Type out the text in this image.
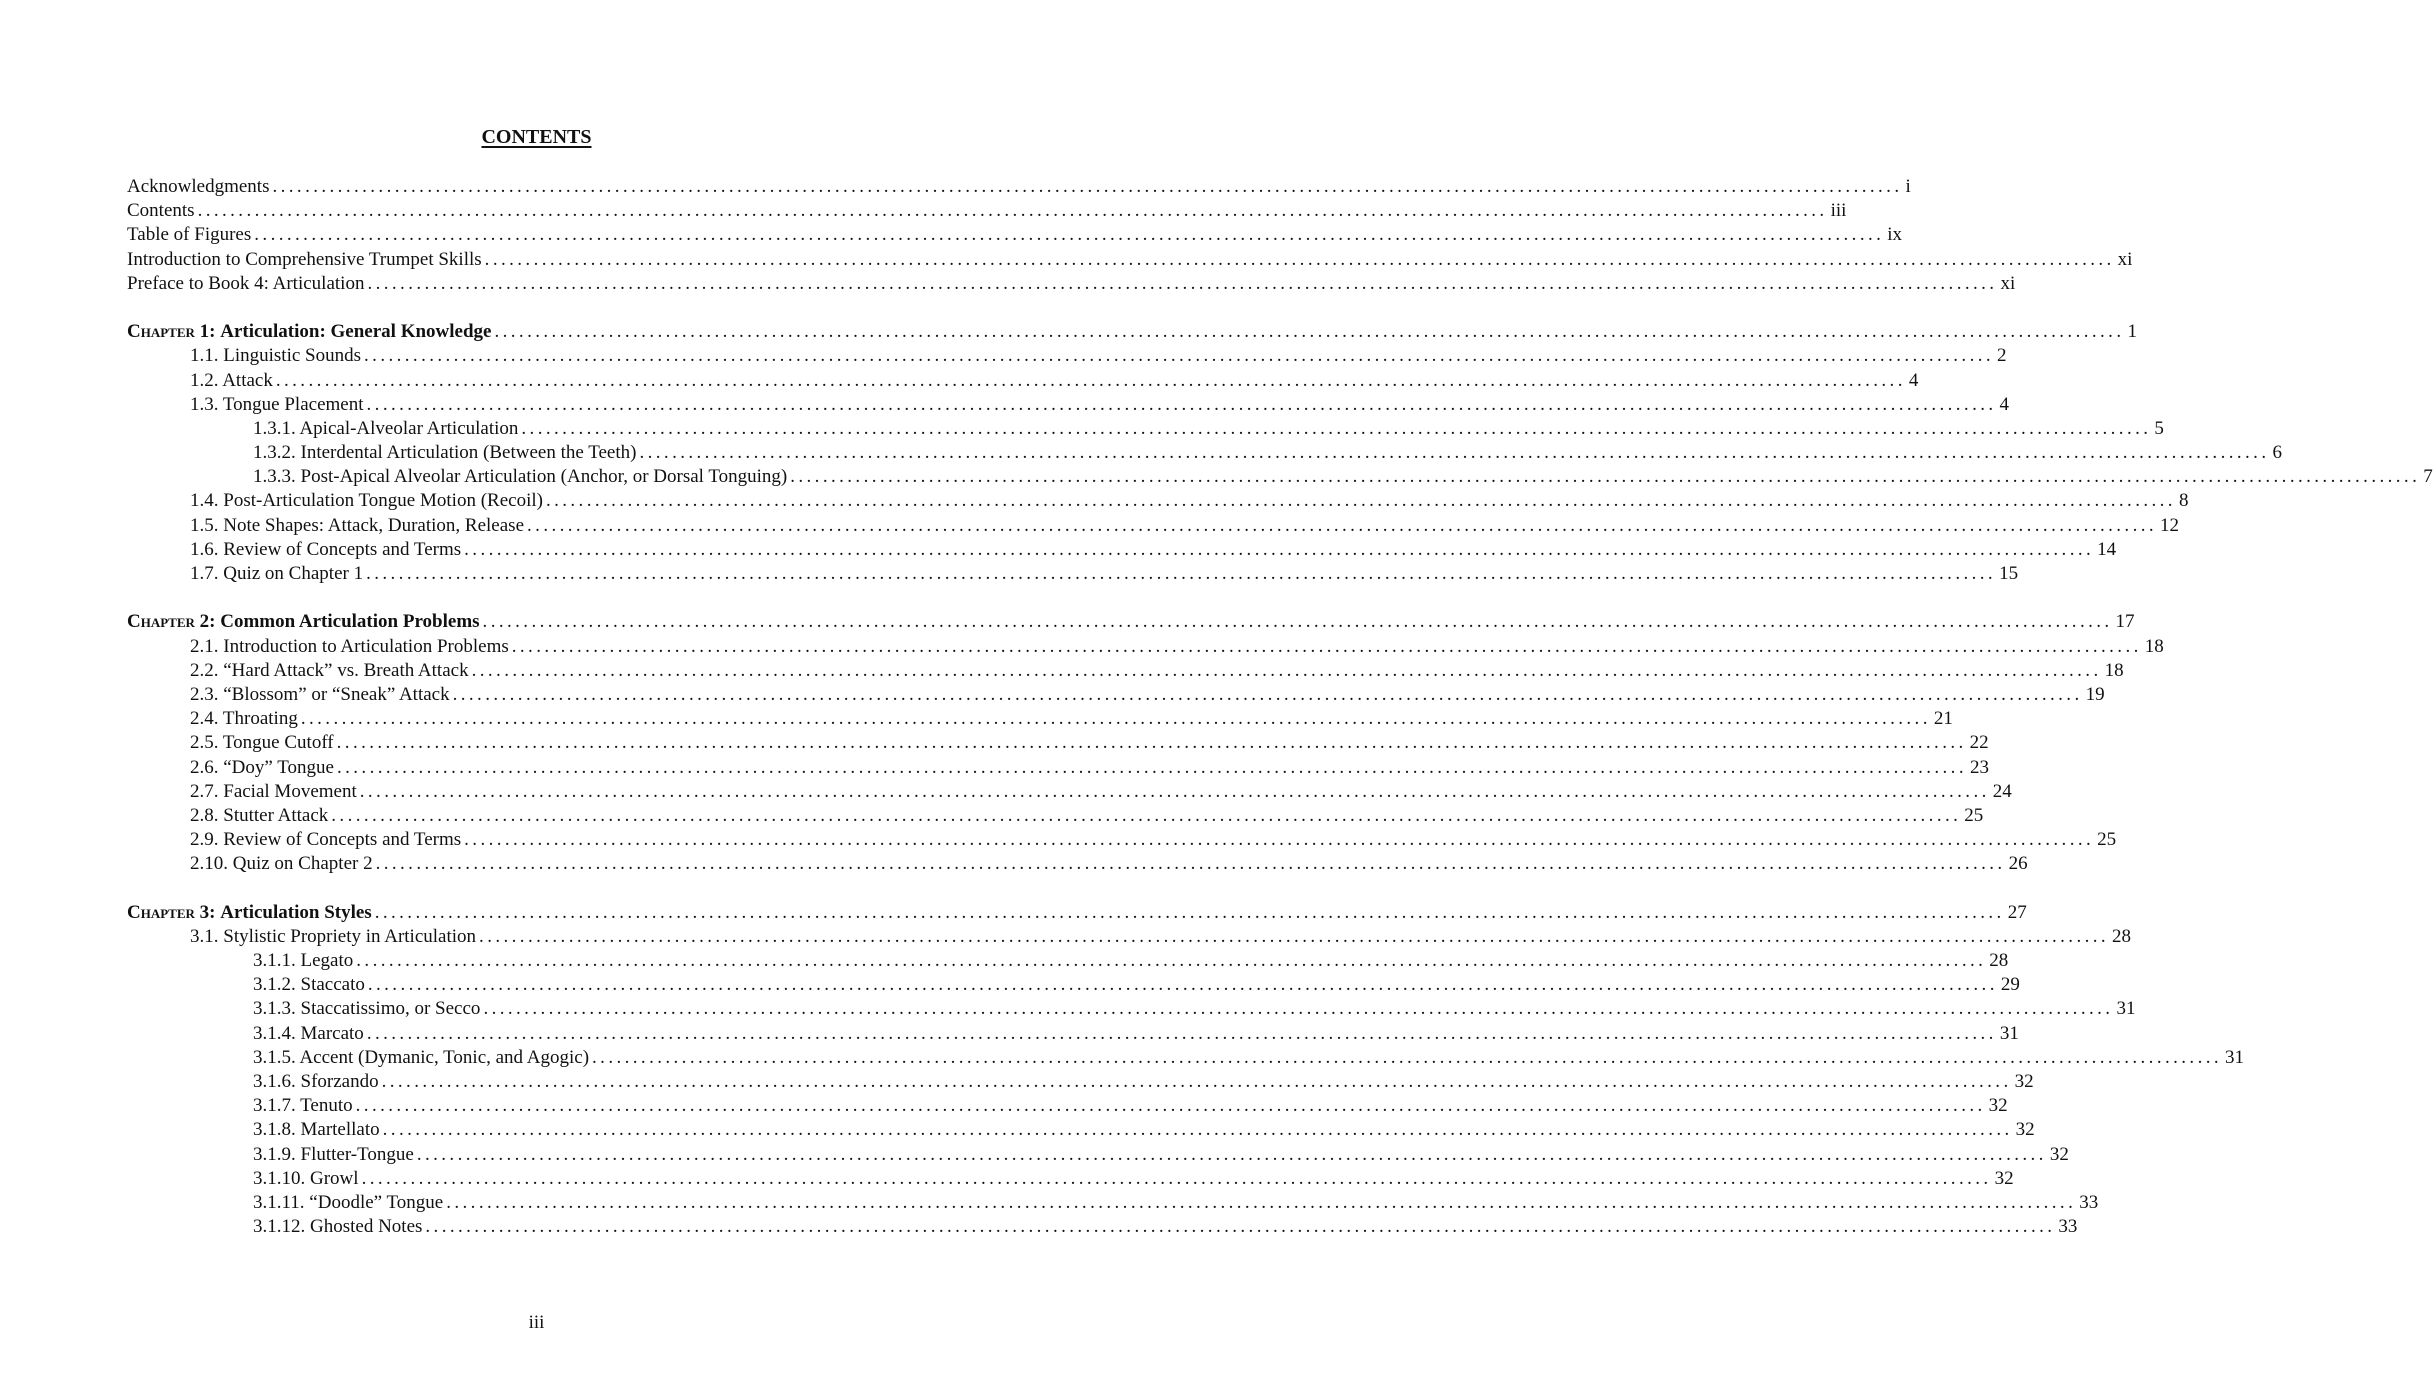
CONTENTS
Acknowledgments ........................................................................................................................................................................................................ i
Contents ........................................................................................................................................................................................................ iii
Table of Figures ........................................................................................................................................................................................................ ix
Introduction to Comprehensive Trumpet Skills ........................................................................................................................................................................................................ xi
Preface to Book 4: Articulation ........................................................................................................................................................................................................ xi
Chapter 1: Articulation: General Knowledge ........................................................................................................................................................................................................ 1
1.1. Linguistic Sounds ........................................................................................................................................................................................................ 2
1.2. Attack ........................................................................................................................................................................................................ 4
1.3. Tongue Placement ........................................................................................................................................................................................................ 4
1.3.1. Apical-Alveolar Articulation ........................................................................................................................................................................................................ 5
1.3.2. Interdental Articulation (Between the Teeth) ........................................................................................................................................................................................................ 6
1.3.3. Post-Apical Alveolar Articulation (Anchor, or Dorsal Tonguing) ........................................................................................................................................................................................................ 7
1.4. Post-Articulation Tongue Motion (Recoil) ........................................................................................................................................................................................................ 8
1.5. Note Shapes: Attack, Duration, Release ........................................................................................................................................................................................................ 12
1.6. Review of Concepts and Terms ........................................................................................................................................................................................................ 14
1.7. Quiz on Chapter 1 ........................................................................................................................................................................................................ 15
Chapter 2: Common Articulation Problems ........................................................................................................................................................................................................ 17
2.1. Introduction to Articulation Problems ........................................................................................................................................................................................................ 18
2.2. “Hard Attack” vs. Breath Attack ........................................................................................................................................................................................................ 18
2.3. “Blossom” or “Sneak” Attack ........................................................................................................................................................................................................ 19
2.4. Throating ........................................................................................................................................................................................................ 21
2.5. Tongue Cutoff ........................................................................................................................................................................................................ 22
2.6. “Doy” Tongue ........................................................................................................................................................................................................ 23
2.7. Facial Movement ........................................................................................................................................................................................................ 24
2.8. Stutter Attack ........................................................................................................................................................................................................ 25
2.9. Review of Concepts and Terms ........................................................................................................................................................................................................ 25
2.10. Quiz on Chapter 2 ........................................................................................................................................................................................................ 26
Chapter 3: Articulation Styles ........................................................................................................................................................................................................ 27
3.1. Stylistic Propriety in Articulation ........................................................................................................................................................................................................ 28
3.1.1. Legato ........................................................................................................................................................................................................ 28
3.1.2. Staccato ........................................................................................................................................................................................................ 29
3.1.3. Staccatissimo, or Secco ........................................................................................................................................................................................................ 31
3.1.4. Marcato ........................................................................................................................................................................................................ 31
3.1.5. Accent (Dymanic, Tonic, and Agogic) ........................................................................................................................................................................................................ 31
3.1.6. Sforzando ........................................................................................................................................................................................................ 32
3.1.7. Tenuto ........................................................................................................................................................................................................ 32
3.1.8. Martellato ........................................................................................................................................................................................................ 32
3.1.9. Flutter-Tongue ........................................................................................................................................................................................................ 32
3.1.10. Growl ........................................................................................................................................................................................................ 32
3.1.11. “Doodle” Tongue ........................................................................................................................................................................................................ 33
3.1.12. Ghosted Notes ........................................................................................................................................................................................................ 33
iii
